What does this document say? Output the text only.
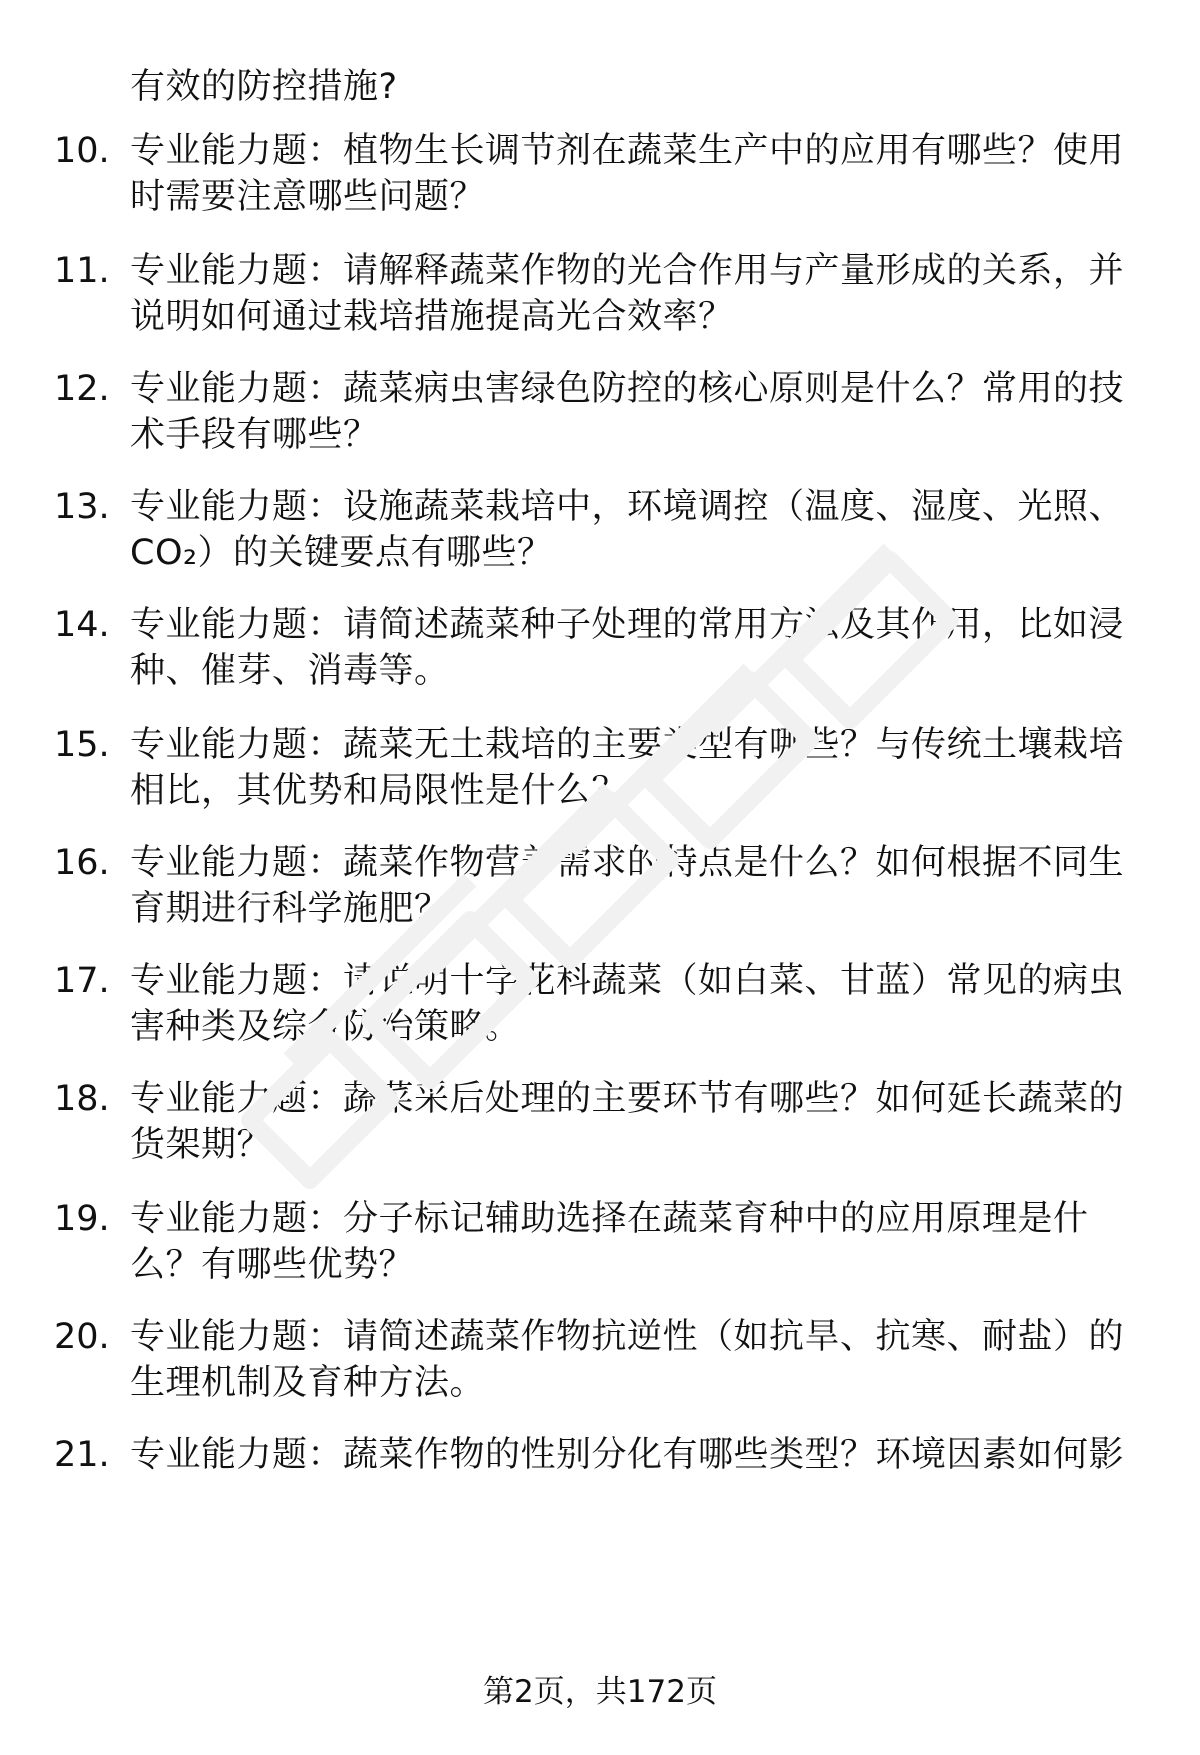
有效的防控措施?
10. 专业能力题：植物生长调节剂在蔬菜生产中的应用有哪些？使用
时需要注意哪些问题？
11. 专业能力题：请解释蔬菜作物的光合作用与产量形成的关系，并
说明如何通过栽培措施提高光合效率？
12. 专业能力题：蔬菜病虫害绿色防控的核心原则是什么？常用的技
术手段有哪些？
13. 专业能力题：设施蔬菜栽培中，环境调控（温度、湿度、光照、
CO₂）的关键要点有哪些？
14. 专业能力题：请简述蔬菜种子处理的常用方法及其作用，比如浸
种、催芽、消毒等。
15. 专业能力题：蔬菜无土栽培的主要类型有哪些？与传统土壤栽培
相比，其优势和局限性是什么？
16. 专业能力题：蔬菜作物营养需求的特点是什么？如何根据不同生
育期进行科学施肥？
17. 专业能力题：请说明十字花科蔬菜（如白菜、甘蓝）常见的病虫
害种类及综合防治策略。
18. 专业能力题：蔬菜采后处理的主要环节有哪些？如何延长蔬菜的
货架期？
19. 专业能力题：分子标记辅助选择在蔬菜育种中的应用原理是什
么？有哪些优势？
20. 专业能力题：请简述蔬菜作物抗逆性（如抗旱、抗寒、耐盐）的
生理机制及育种方法。
21. 专业能力题：蔬菜作物的性别分化有哪些类型？环境因素如何影
第2页，共172页
